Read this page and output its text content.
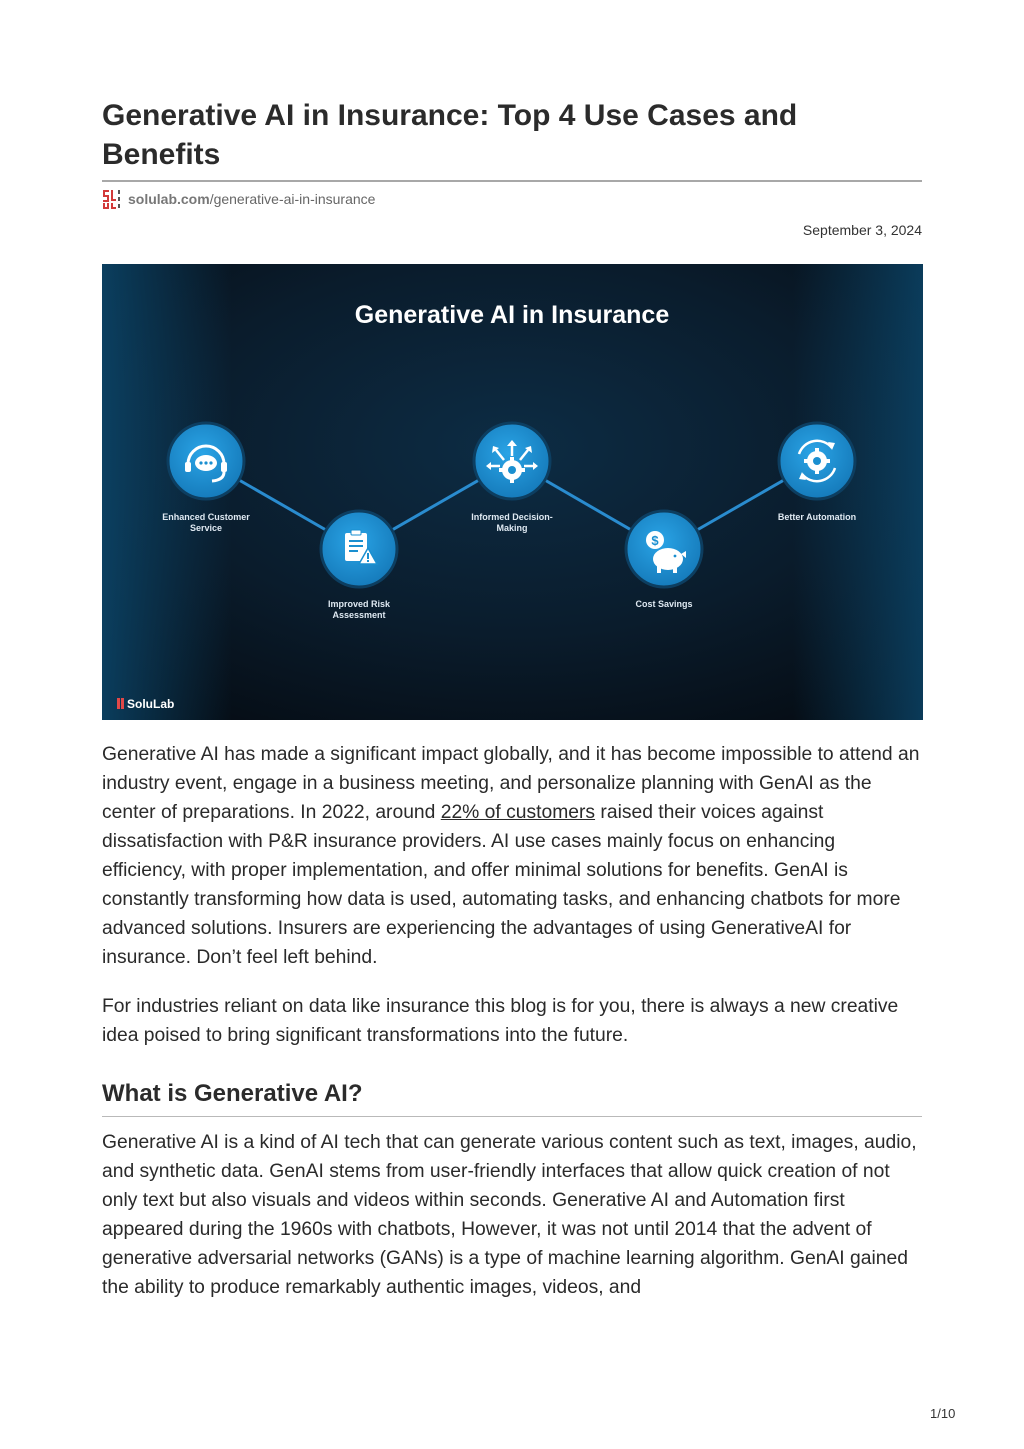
Generative AI in Insurance: Top 4 Use Cases and Benefits
solulab.com /generative-ai-in-insurance
September 3, 2024
Generative AI in Insurance
Enhanced Customer
Service
Improved Risk
Assessment
Informed Decision-
Making
$
Cost Savings
Better Automation
SoluLab

Generative AI has made a significant impact globally, and it has become impossible to attend an industry event, engage in a business meeting, and personalize planning with GenAI as the center of preparations. In 2022, around 22% of customers raised their voices against dissatisfaction with P&R insurance providers. AI use cases mainly focus on enhancing efficiency, with proper implementation, and offer minimal solutions for benefits. GenAI is constantly transforming how data is used, automating tasks, and enhancing chatbots for more advanced solutions. Insurers are experiencing the advantages of using GenerativeAI for insurance. Don’t feel left behind.

For industries reliant on data like insurance this blog is for you, there is always a new creative idea poised to bring significant transformations into the future.

What is Generative AI?

Generative AI is a kind of AI tech that can generate various content such as text, images, audio, and synthetic data. GenAI stems from user-friendly interfaces that allow quick creation of not only text but also visuals and videos within seconds. Generative AI and Automation first appeared during the 1960s with chatbots, However, it was not until 2014 that the advent of generative adversarial networks (GANs) is a type of machine learning algorithm. GenAI gained the ability to produce remarkably authentic images, videos, and

1/10
